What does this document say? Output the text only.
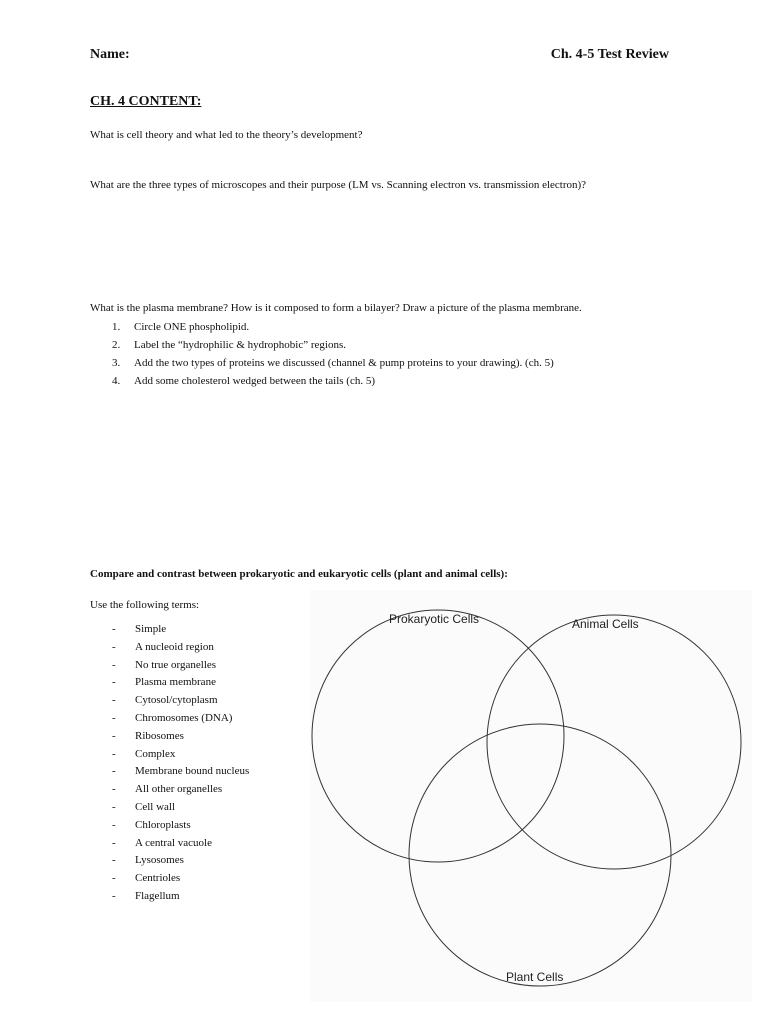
Name:	Ch. 4-5 Test Review
CH. 4 CONTENT:
What is cell theory and what led to the theory’s development?
What are the three types of microscopes and their purpose (LM vs. Scanning electron vs. transmission electron)?
What is the plasma membrane? How is it composed to form a bilayer? Draw a picture of the plasma membrane.
1. Circle ONE phospholipid.
2. Label the “hydrophilic & hydrophobic” regions.
3. Add the two types of proteins we discussed (channel & pump proteins to your drawing). (ch. 5)
4. Add some cholesterol wedged between the tails (ch. 5)
Compare and contrast between prokaryotic and eukaryotic cells (plant and animal cells):
Use the following terms:
- Simple
- A nucleoid region
- No true organelles
- Plasma membrane
- Cytosol/cytoplasm
- Chromosomes (DNA)
- Ribosomes
- Complex
- Membrane bound nucleus
- All other organelles
- Cell wall
- Chloroplasts
- A central vacuole
- Lysosomes
- Centrioles
- Flagellum
Prokaryotic Cells	Animal Cells
Plant Cells
